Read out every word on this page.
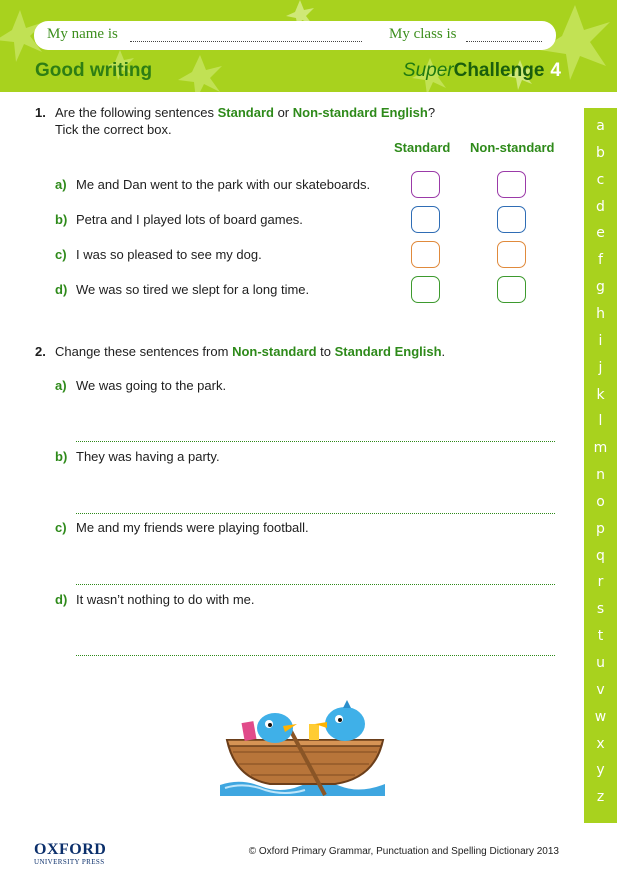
My name is	My class is
Good writing	SuperChallenge 4
a
b
c
d
e
f
g
h
i
j
k
l
m
n
o
p
q
r
s
t
u
v
w
x
y
z
1. Are the following sentences Standard or Non-standard English?
Tick the correct box.
Standard Non-standard
a) Me and Dan went to the park with our skateboards.
b) Petra and I played lots of board games.
c) I was so pleased to see my dog.
d) We was so tired we slept for a long time.
2. Change these sentences from Non-standard to Standard English.
a) We was going to the park.
b) They was having a party.
c) Me and my friends were playing football.
d) It wasn’t nothing to do with me.
OXFORD
UNIVERSITY PRESS
© Oxford Primary Grammar, Punctuation and Spelling Dictionary 2013
